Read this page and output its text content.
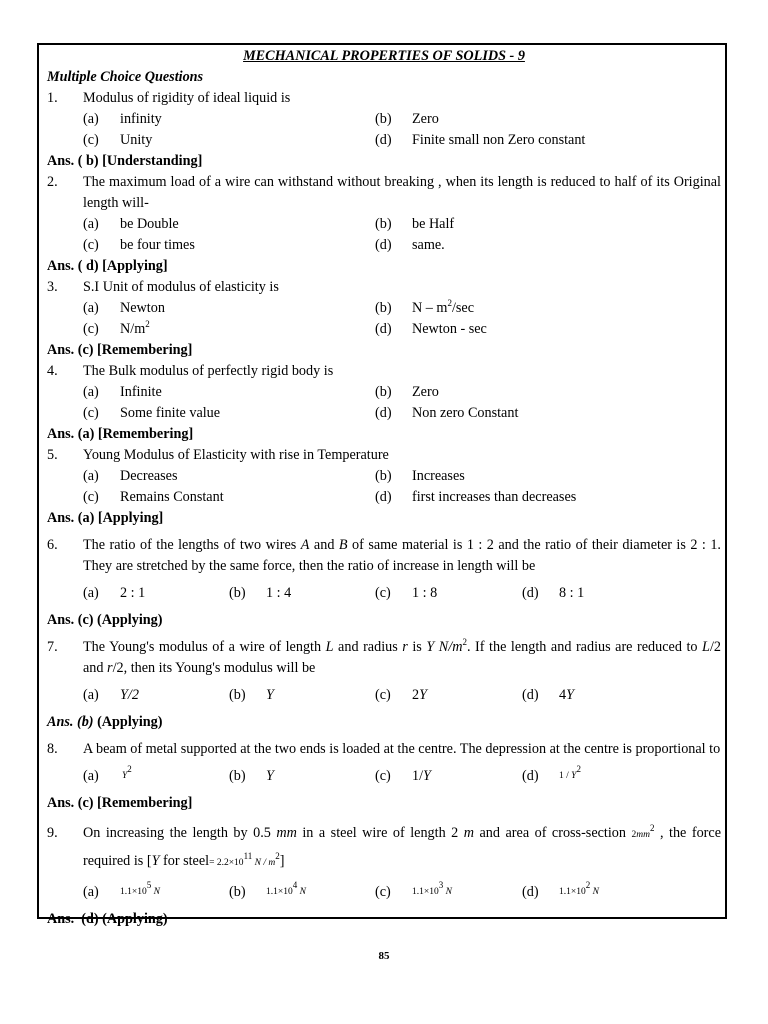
MECHANICAL PROPERTIES OF SOLIDS - 9
Multiple Choice Questions
1.	Modulus of rigidity of ideal liquid is
(a)	infinity	(b)	Zero
(c)	Unity	(d)	Finite small non Zero constant
Ans. ( b) [Understanding]
2.	The maximum load of a wire can withstand without breaking , when its length is reduced to half of its Original length will-
(a)	be Double	(b)	be Half
(c)	be four times	(d)	same.
Ans. ( d) [Applying]
3.	S.I Unit of modulus of elasticity is
(a)	Newton	(b)	N – $m^2/\sec$
(c)	$N/m^2$	(d)	Newton - sec
Ans. (c) [Remembering]
4.	The Bulk modulus of perfectly rigid body is
(a)	Infinite	(b)	Zero
(c)	Some finite value	(d)	Non zero Constant
Ans. (a) [Remembering]
5.	Young Modulus of Elasticity with rise in Temperature
(a)	Decreases	(b)	Increases
(c)	Remains Constant	(d)	first increases than decreases
Ans. (a) [Applying]
6.	The ratio of the lengths of two wires A and B of same material is 1 : 2 and the ratio of their diameter is 2 : 1. They are stretched by the same force, then the ratio of increase in length will be
(a)	2 : 1	(b)	1 : 4	(c)	1 : 8	(d)	8 : 1
Ans. (c) (Applying)
7.	The Young's modulus of a wire of length L and radius r is Y $N/m^2$. If the length and radius are reduced to L/2 and r/2, then its Young's modulus will be
(a)	Y/2	(b)	Y	(c)	2Y	(d)	4Y
Ans. (b) (Applying)
8.	A beam of metal supported at the two ends is loaded at the centre. The depression at the centre is proportional to
(a)	$Y^2$	(b)	Y	(c)	1/Y	(d)	$1 / Y^2$
Ans. (c) [Remembering]
9.	On increasing the length by 0.5 mm in a steel wire of length 2 m and area of cross-section $2mm^2$ , the force required is [Y for steel= $2.2\times 10^{11}$ N / $m^2$]
(a)	$1.1\times 10^5$ N	(b)	$1.1\times 10^4$ N	(c)	$1.1\times 10^3$ N	(d)	$1.1\times 10^2$ N
Ans.  (d) (Applying)
85
